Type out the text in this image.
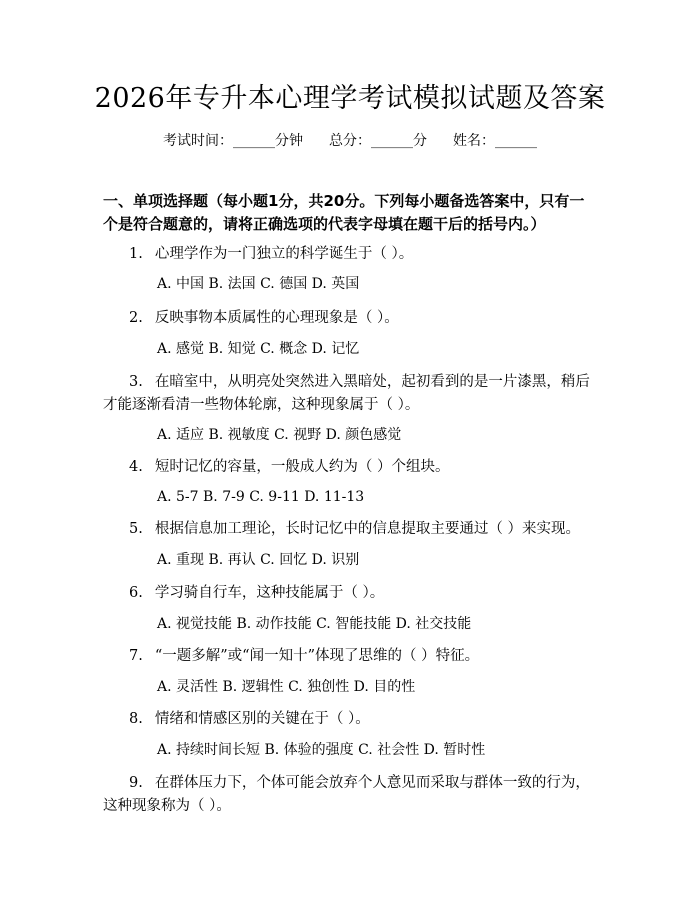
2026年专升本心理学考试模拟试题及答案
考试时间：______分钟 总分：______分 姓名：______
一、单项选择题（每小题1分，共20分。下列每小题备选答案中，只有一个是符合题意的，请将正确选项的代表字母填在题干后的括号内。）
1. 心理学作为一门独立的科学诞生于（ ）。
A. 中国 B. 法国 C. 德国 D. 英国
2. 反映事物本质属性的心理现象是（ ）。
A. 感觉 B. 知觉 C. 概念 D. 记忆
3. 在暗室中，从明亮处突然进入黑暗处，起初看到的是一片漆黑，稍后才能逐渐看清一些物体轮廓，这种现象属于（ ）。
A. 适应 B. 视敏度 C. 视野 D. 颜色感觉
4. 短时记忆的容量，一般成人约为（ ）个组块。
A. 5-7 B. 7-9 C. 9-11 D. 11-13
5. 根据信息加工理论，长时记忆中的信息提取主要通过（ ）来实现。
A. 重现 B. 再认 C. 回忆 D. 识别
6. 学习骑自行车，这种技能属于（ ）。
A. 视觉技能 B. 动作技能 C. 智能技能 D. 社交技能
7. “一题多解”或“闻一知十”体现了思维的（ ）特征。
A. 灵活性 B. 逻辑性 C. 独创性 D. 目的性
8. 情绪和情感区别的关键在于（ ）。
A. 持续时间长短 B. 体验的强度 C. 社会性 D. 暂时性
9. 在群体压力下，个体可能会放弃个人意见而采取与群体一致的行为，这种现象称为（ ）。
